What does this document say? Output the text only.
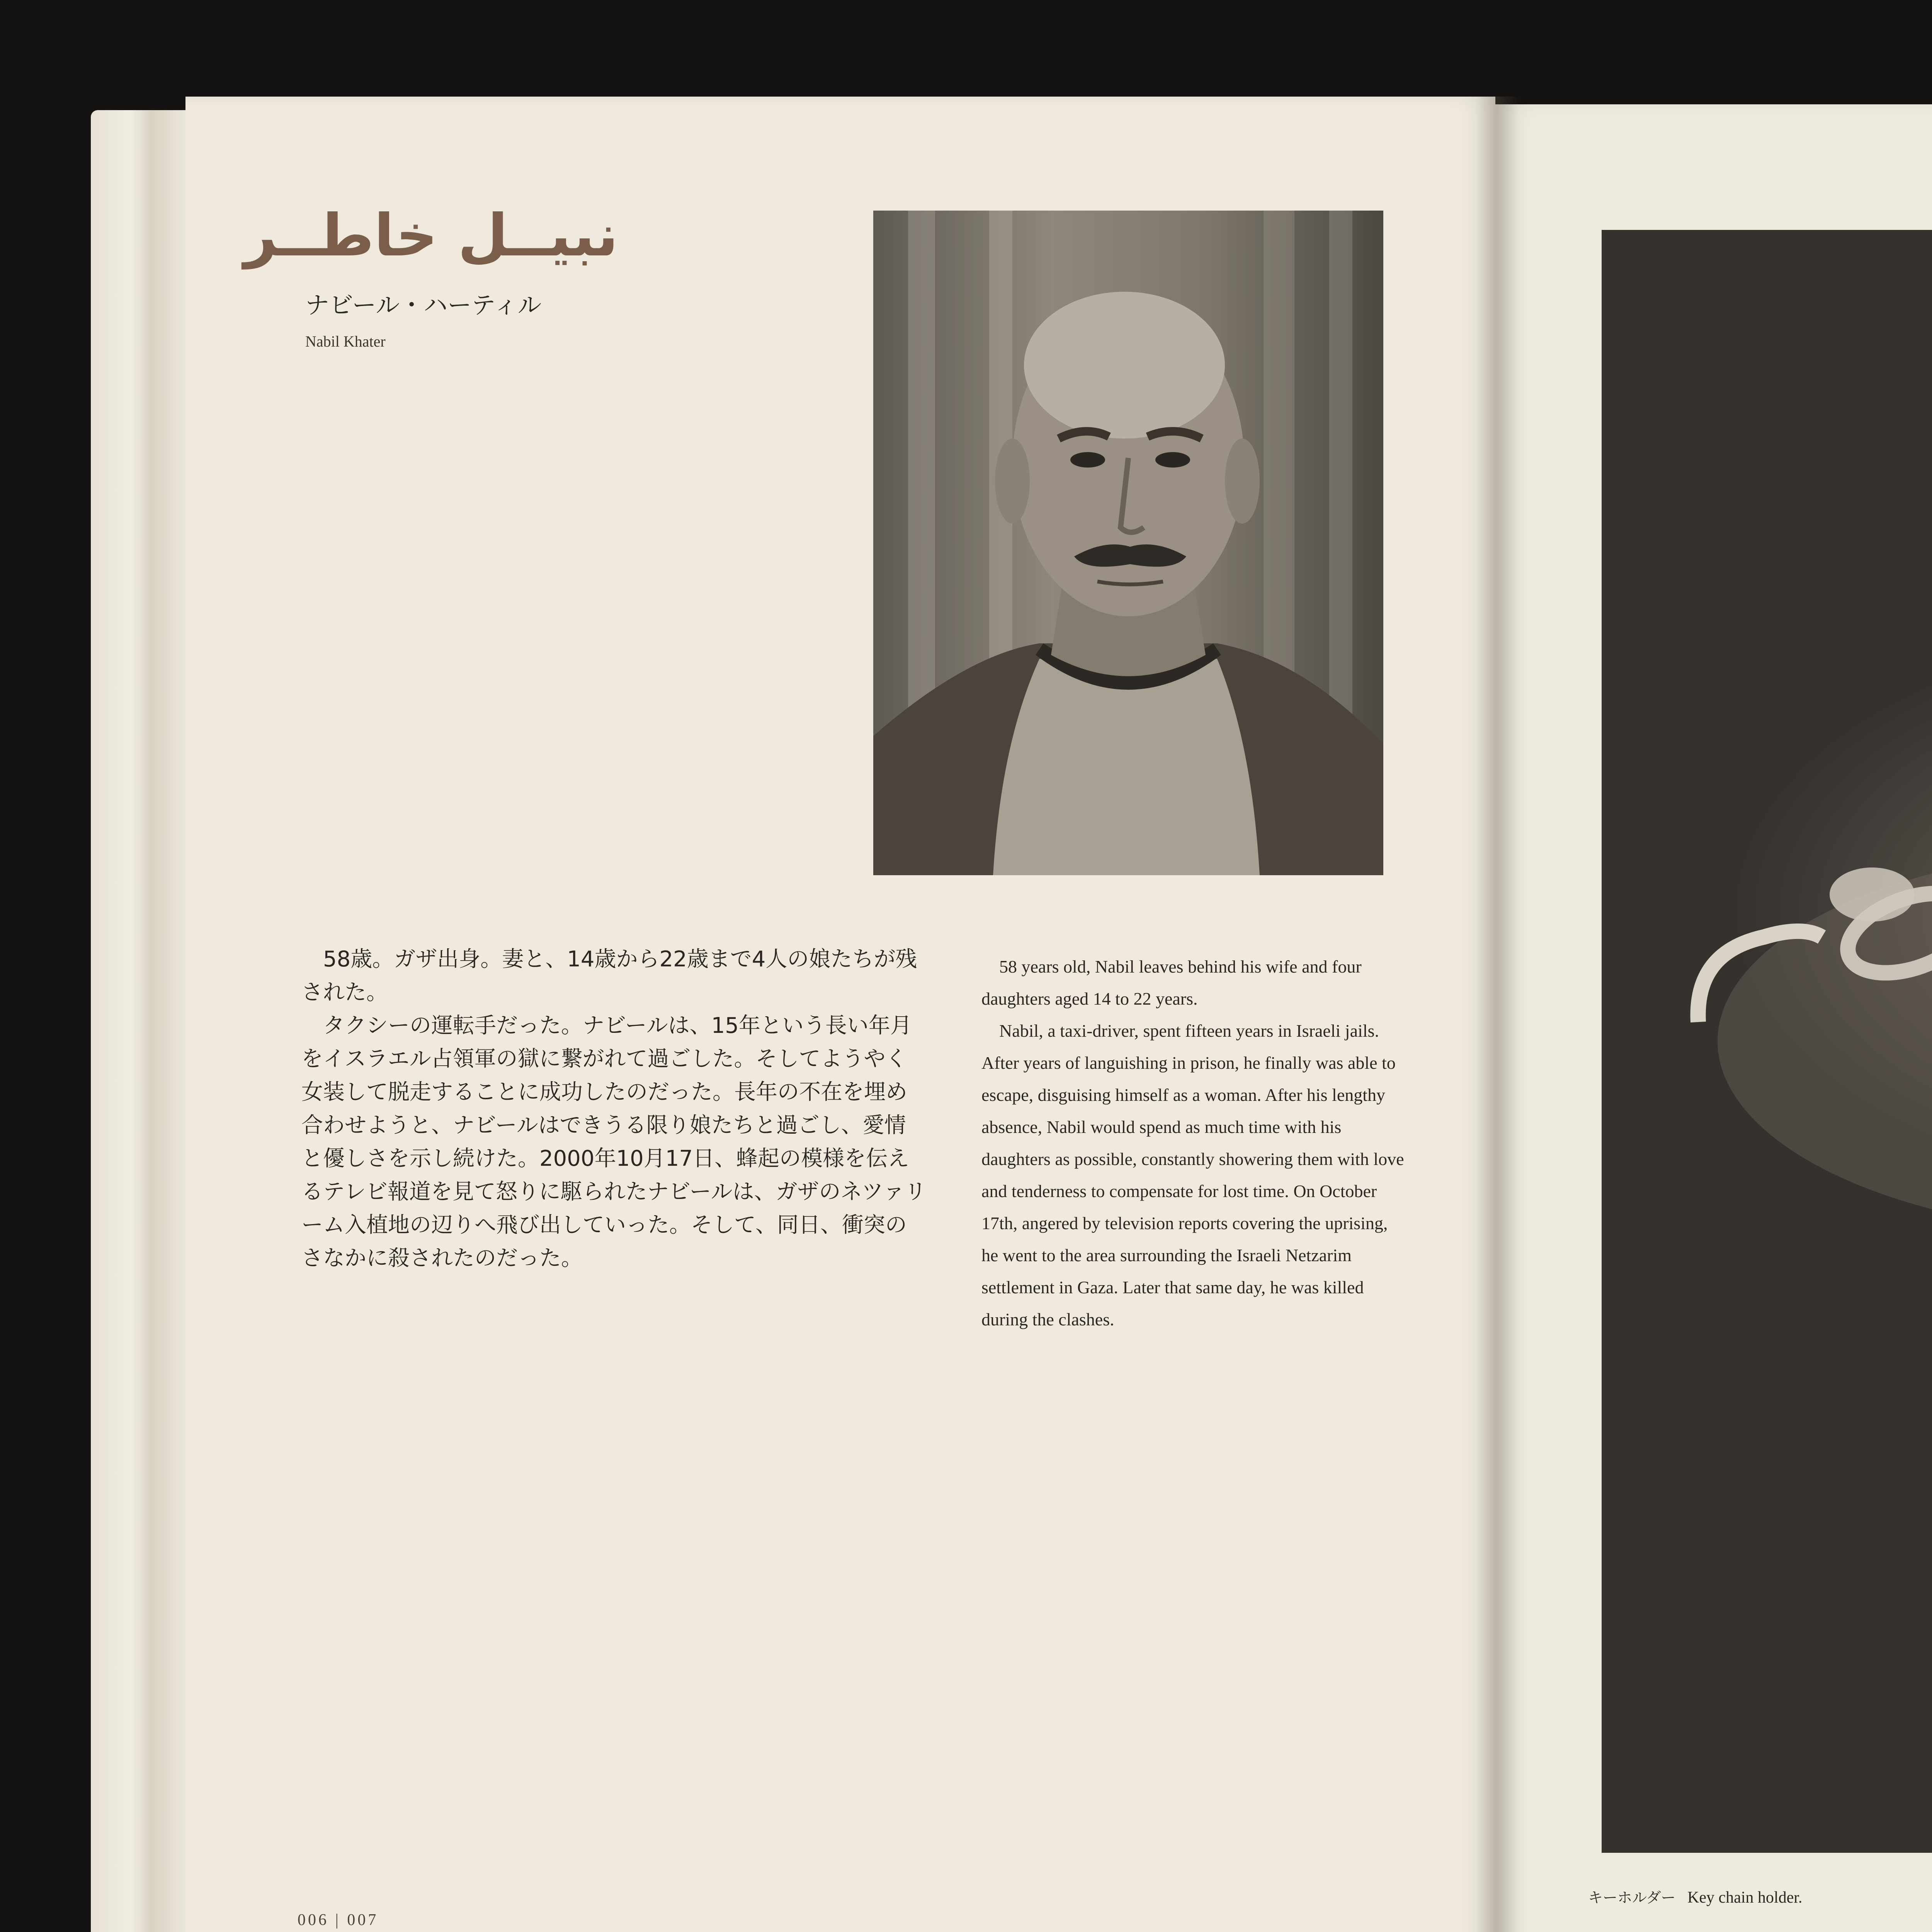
نبيــل خاطــر
ナビール・ハーティル
Nabil Khater

58歳。ガザ出身。妻と、14歳から22歳まで4人の娘たちが残された。

タクシーの運転手だった。ナビールは、15年という長い年月をイスラエル占領軍の獄に繋がれて過ごした。そしてようやく女装して脱走することに成功したのだった。長年の不在を埋め合わせようと、ナビールはできうる限り娘たちと過ごし、愛情と優しさを示し続けた。2000年10月17日、蜂起の模様を伝えるテレビ報道を見て怒りに駆られたナビールは、ガザのネツァリーム入植地の辺りへ飛び出していった。そして、同日、衝突のさなかに殺されたのだった。

58 years old, Nabil leaves behind his wife and four daughters aged 14 to 22 years.

Nabil, a taxi-driver, spent fifteen years in Israeli jails. After years of languishing in prison, he finally was able to escape, disguising himself as a woman. After his lengthy absence, Nabil would spend as much time with his daughters as possible, constantly showering them with love and tenderness to compensate for lost time. On October 17th, angered by television reports covering the uprising, he went to the area surrounding the Israeli Netzarim settlement in Gaza. Later that same day, he was killed during the clashes.

006 | 007
キーホルダー Key chain holder.
